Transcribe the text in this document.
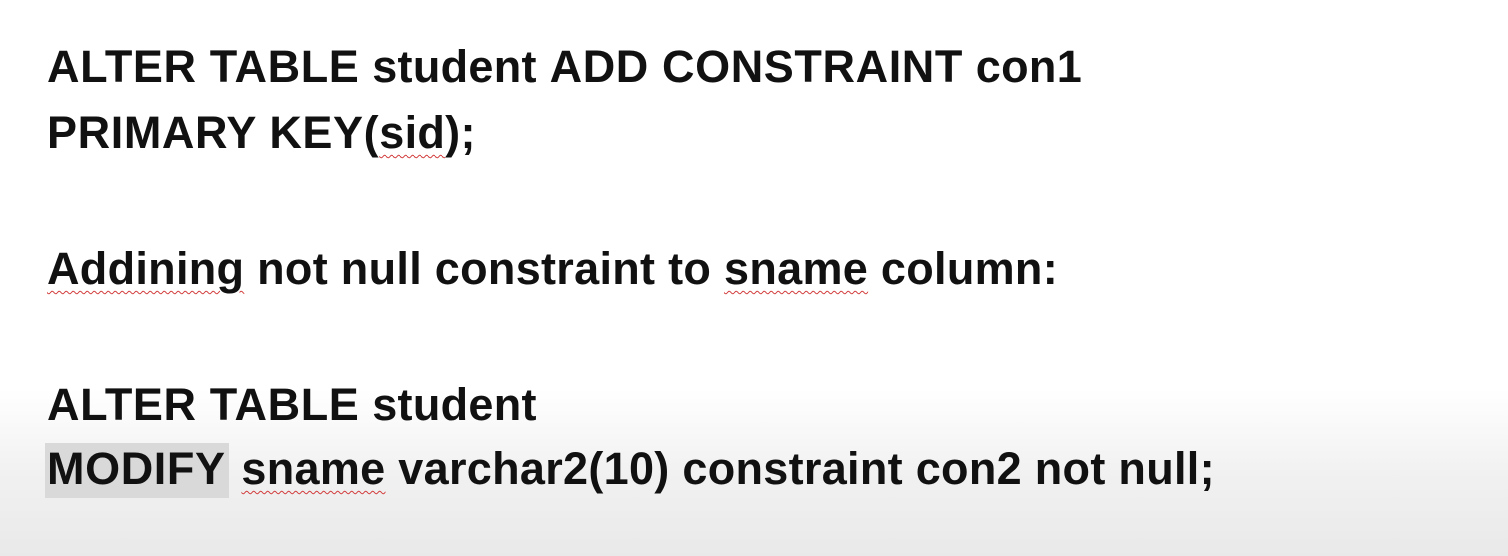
ALTER TABLE student ADD CONSTRAINT con1
PRIMARY KEY(sid);
Addining not null constraint to sname column:
ALTER TABLE student
MODIFY sname varchar2(10) constraint con2 not null;
